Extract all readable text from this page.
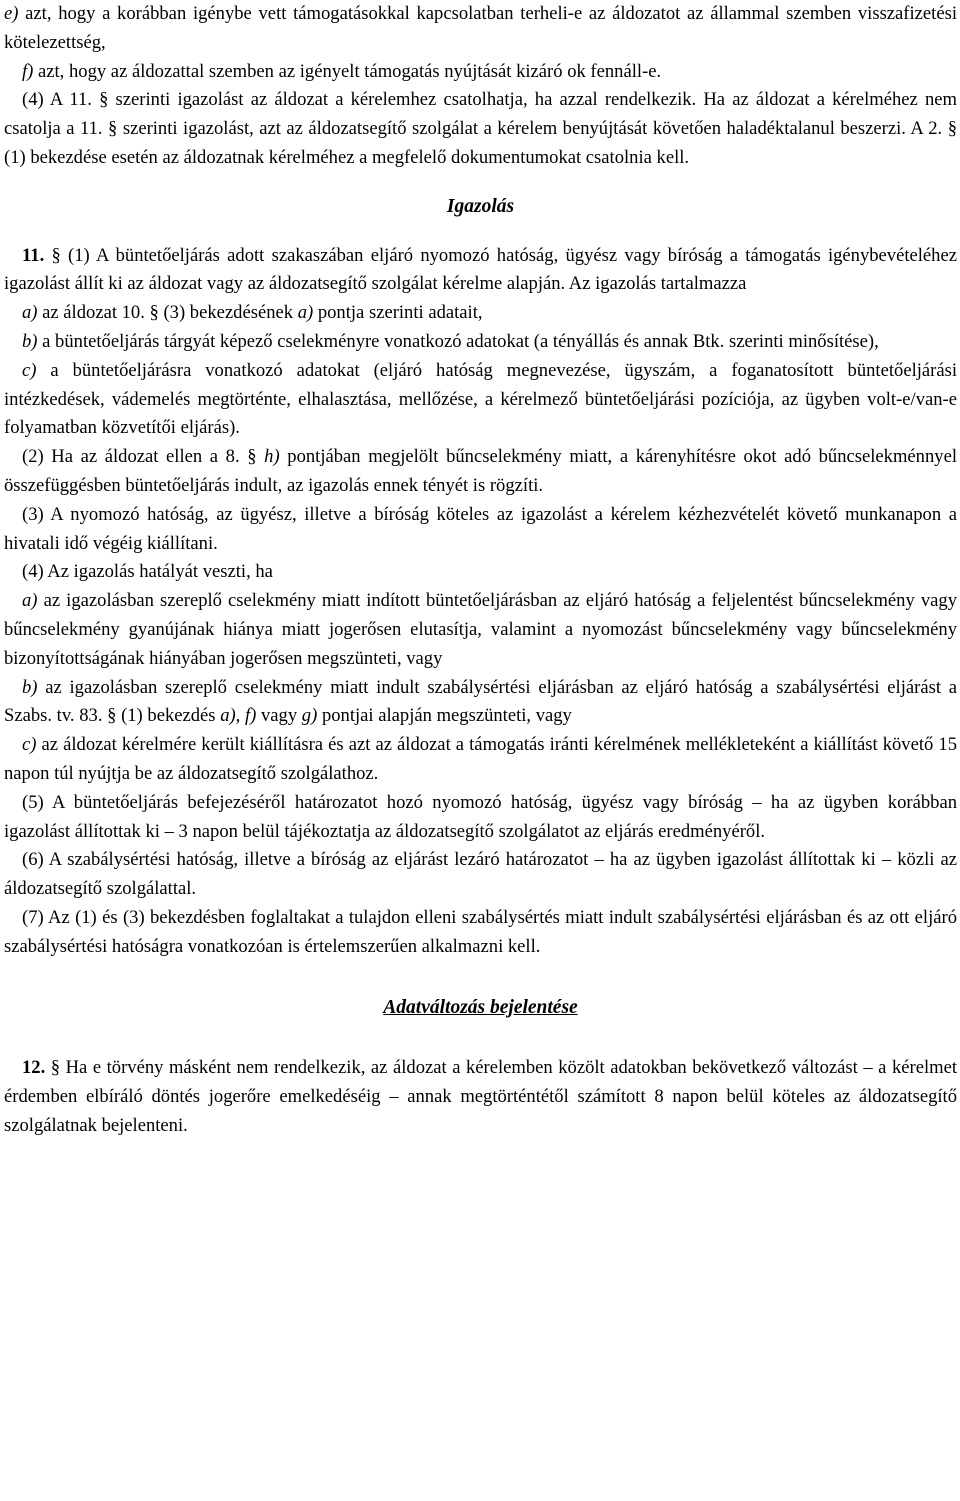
e) azt, hogy a korábban igénybe vett támogatásokkal kapcsolatban terheli-e az áldozatot az állammal szemben visszafizetési kötelezettség,

f) azt, hogy az áldozattal szemben az igényelt támogatás nyújtását kizáró ok fennáll-e.

(4) A 11. § szerinti igazolást az áldozat a kérelemhez csatolhatja, ha azzal rendelkezik. Ha az áldozat a kérelméhez nem csatolja a 11. § szerinti igazolást, azt az áldozatsegítő szolgálat a kérelem benyújtását követően haladéktalanul beszerzi. A 2. § (1) bekezdése esetén az áldozatnak kérelméhez a megfelelő dokumentumokat csatolnia kell.

Igazolás

11. § (1) A büntetőeljárás adott szakaszában eljáró nyomozó hatóság, ügyész vagy bíróság a támogatás igénybevételéhez igazolást állít ki az áldozat vagy az áldozatsegítő szolgálat kérelme alapján. Az igazolás tartalmazza

a) az áldozat 10. § (3) bekezdésének a) pontja szerinti adatait,

b) a büntetőeljárás tárgyát képező cselekményre vonatkozó adatokat (a tényállás és annak Btk. szerinti minősítése),

c) a büntetőeljárásra vonatkozó adatokat (eljáró hatóság megnevezése, ügyszám, a foganatosított büntetőeljárási intézkedések, vádemelés megtörténte, elhalasztása, mellőzése, a kérelmező büntetőeljárási pozíciója, az ügyben volt-e/van-e folyamatban közvetítői eljárás).

(2) Ha az áldozat ellen a 8. § h) pontjában megjelölt bűncselekmény miatt, a kárenyhítésre okot adó bűncselekménnyel összefüggésben büntetőeljárás indult, az igazolás ennek tényét is rögzíti.

(3) A nyomozó hatóság, az ügyész, illetve a bíróság köteles az igazolást a kérelem kézhezvételét követő munkanapon a hivatali idő végéig kiállítani.

(4) Az igazolás hatályát veszti, ha

a) az igazolásban szereplő cselekmény miatt indított büntetőeljárásban az eljáró hatóság a feljelentést bűncselekmény vagy bűncselekmény gyanújának hiánya miatt jogerősen elutasítja, valamint a nyomozást bűncselekmény vagy bűncselekmény bizonyítottságának hiányában jogerősen megszünteti, vagy

b) az igazolásban szereplő cselekmény miatt indult szabálysértési eljárásban az eljáró hatóság a szabálysértési eljárást a Szabs. tv. 83. § (1) bekezdés a), f) vagy g) pontjai alapján megszünteti, vagy

c) az áldozat kérelmére került kiállításra és azt az áldozat a támogatás iránti kérelmének mellékleteként a kiállítást követő 15 napon túl nyújtja be az áldozatsegítő szolgálathoz.

(5) A büntetőeljárás befejezéséről határozatot hozó nyomozó hatóság, ügyész vagy bíróság – ha az ügyben korábban igazolást állítottak ki – 3 napon belül tájékoztatja az áldozatsegítő szolgálatot az eljárás eredményéről.

(6) A szabálysértési hatóság, illetve a bíróság az eljárást lezáró határozatot – ha az ügyben igazolást állítottak ki – közli az áldozatsegítő szolgálattal.

(7) Az (1) és (3) bekezdésben foglaltakat a tulajdon elleni szabálysértés miatt indult szabálysértési eljárásban és az ott eljáró szabálysértési hatóságra vonatkozóan is értelemszerűen alkalmazni kell.

Adatváltozás bejelentése

12. § Ha e törvény másként nem rendelkezik, az áldozat a kérelemben közölt adatokban bekövetkező változást – a kérelmet érdemben elbíráló döntés jogerőre emelkedéséig – annak megtörténtétől számított 8 napon belül köteles az áldozatsegítő szolgálatnak bejelenteni.
